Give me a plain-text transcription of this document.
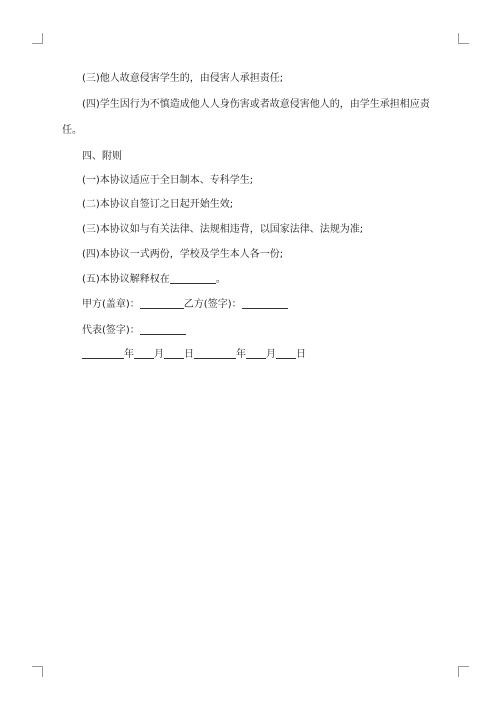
(三)他人故意侵害学生的，由侵害人承担责任;
(四)学生因行为不慎造成他人人身伤害或者故意侵害他人的，由学生承担相应责
任。
四、附则
(一)本协议适应于全日制本、专科学生;
(二)本协议自签订之日起开始生效;
(三)本协议如与有关法律、法规相违背，以国家法律、法规为准;
(四)本协议一式两份，学校及学生本人各一份;
(五)本协议解释权在	。
甲方(盖章)：	乙方(签字)：
代表(签字)：
年 月 日	年 月 日
